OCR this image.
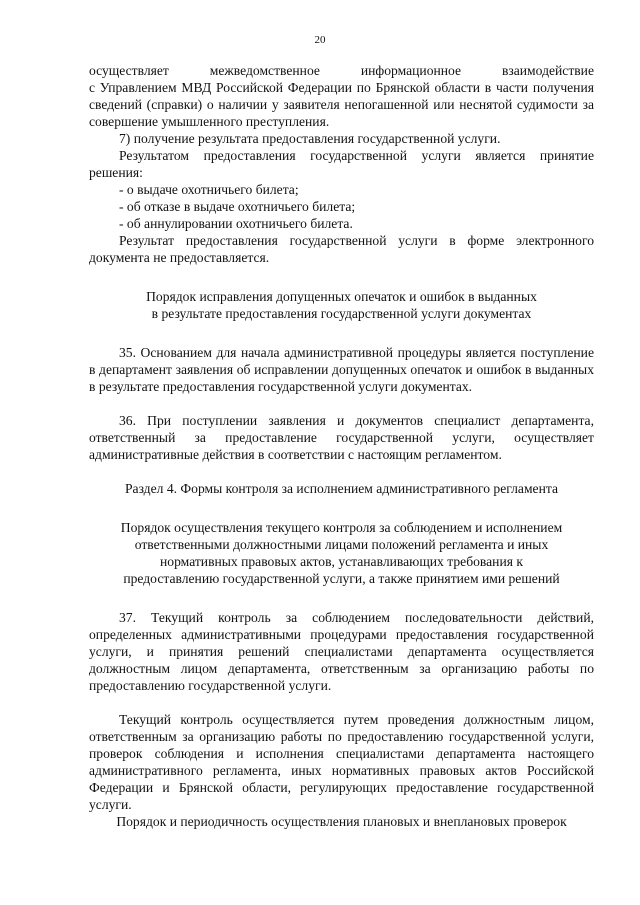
20

осуществляет межведомственное информационное взаимодействие

с Управлением МВД Российской Федерации по Брянской области в части получения сведений (справки) о наличии у заявителя непогашенной или неснятой судимости за совершение умышленного преступления.

7) получение результата предоставления государственной услуги.

Результатом предоставления государственной услуги является принятие решения:

- о выдаче охотничьего билета;

- об отказе в выдаче охотничьего билета;

- об аннулировании охотничьего билета.

Результат предоставления государственной услуги в форме электронного документа не предоставляется.

Порядок исправления допущенных опечаток и ошибок в выданных
в результате предоставления государственной услуги документах

35. Основанием для начала административной процедуры является поступление в департамент заявления об исправлении допущенных опечаток и ошибок в выданных в результате предоставления государственной услуги документах.

36. При поступлении заявления и документов специалист департамента, ответственный за предоставление государственной услуги, осуществляет административные действия в соответствии с настоящим регламентом.

Раздел 4. Формы контроля за исполнением административного регламента

Порядок осуществления текущего контроля за соблюдением и исполнением
ответственными должностными лицами положений регламента и иных
нормативных правовых актов, устанавливающих требования к
предоставлению государственной услуги, а также принятием ими решений

37. Текущий контроль за соблюдением последовательности действий, определенных административными процедурами предоставления государственной услуги, и принятия решений специалистами департамента осуществляется должностным лицом департамента, ответственным за организацию работы по предоставлению государственной услуги.

Текущий контроль осуществляется путем проведения должностным лицом, ответственным за организацию работы по предоставлению государственной услуги, проверок соблюдения и исполнения специалистами департамента настоящего административного регламента, иных нормативных правовых актов Российской Федерации и Брянской области, регулирующих предоставление государственной услуги.

Порядок и периодичность осуществления плановых и внеплановых проверок
